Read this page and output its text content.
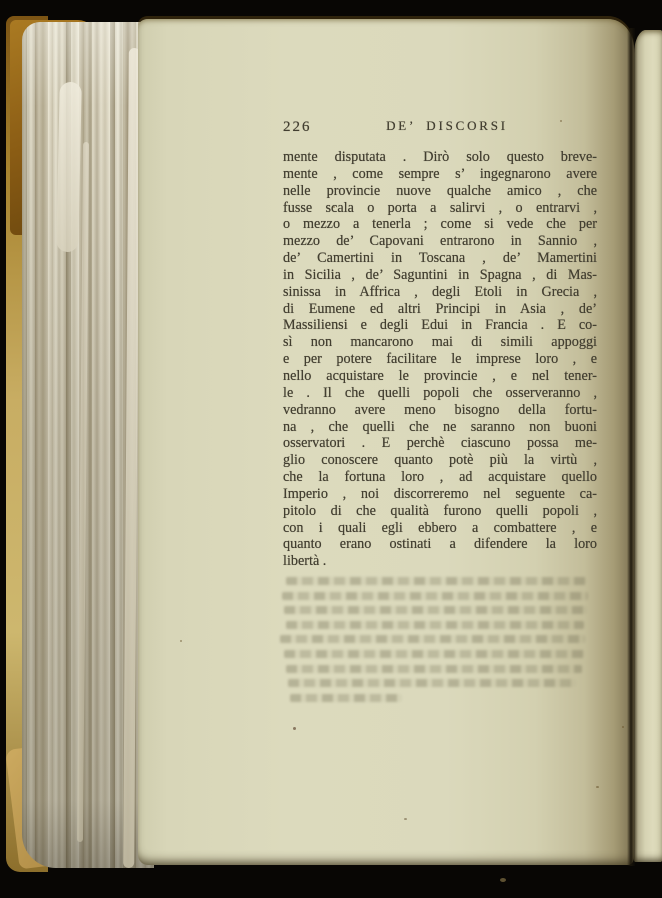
226	DE’ DISCORSI
mente disputata . Dirò solo questo breve-
mente , come sempre s’ ingegnarono avere
nelle provincie nuove qualche amico , che
fusse scala o porta a salirvi , o entrarvi ,
o mezzo a tenerla ; come si vede che per
mezzo de’ Capovani entrarono in Sannio ,
de’ Camertini in Toscana , de’ Mamertini
in Sicilia , de’ Saguntini in Spagna , di Mas-
sinissa in Affrica , degli Etoli in Grecia ,
di Eumene ed altri Principi in Asia , de’
Massiliensi e degli Edui in Francia . E co-
sì non mancarono mai di simili appoggi
e per potere facilitare le imprese loro , e
nello acquistare le provincie , e nel tener-
le . Il che quelli popoli che osserveranno ,
vedranno avere meno bisogno della fortu-
na , che quelli che ne saranno non buoni
osservatori . E perchè ciascuno possa me-
glio conoscere quanto potè più la virtù ,
che la fortuna loro , ad acquistare quello
Imperio , noi discorreremo nel seguente ca-
pitolo di che qualità furono quelli popoli ,
con i quali egli ebbero a combattere , e
quanto erano ostinati a difendere la loro
libertà .
